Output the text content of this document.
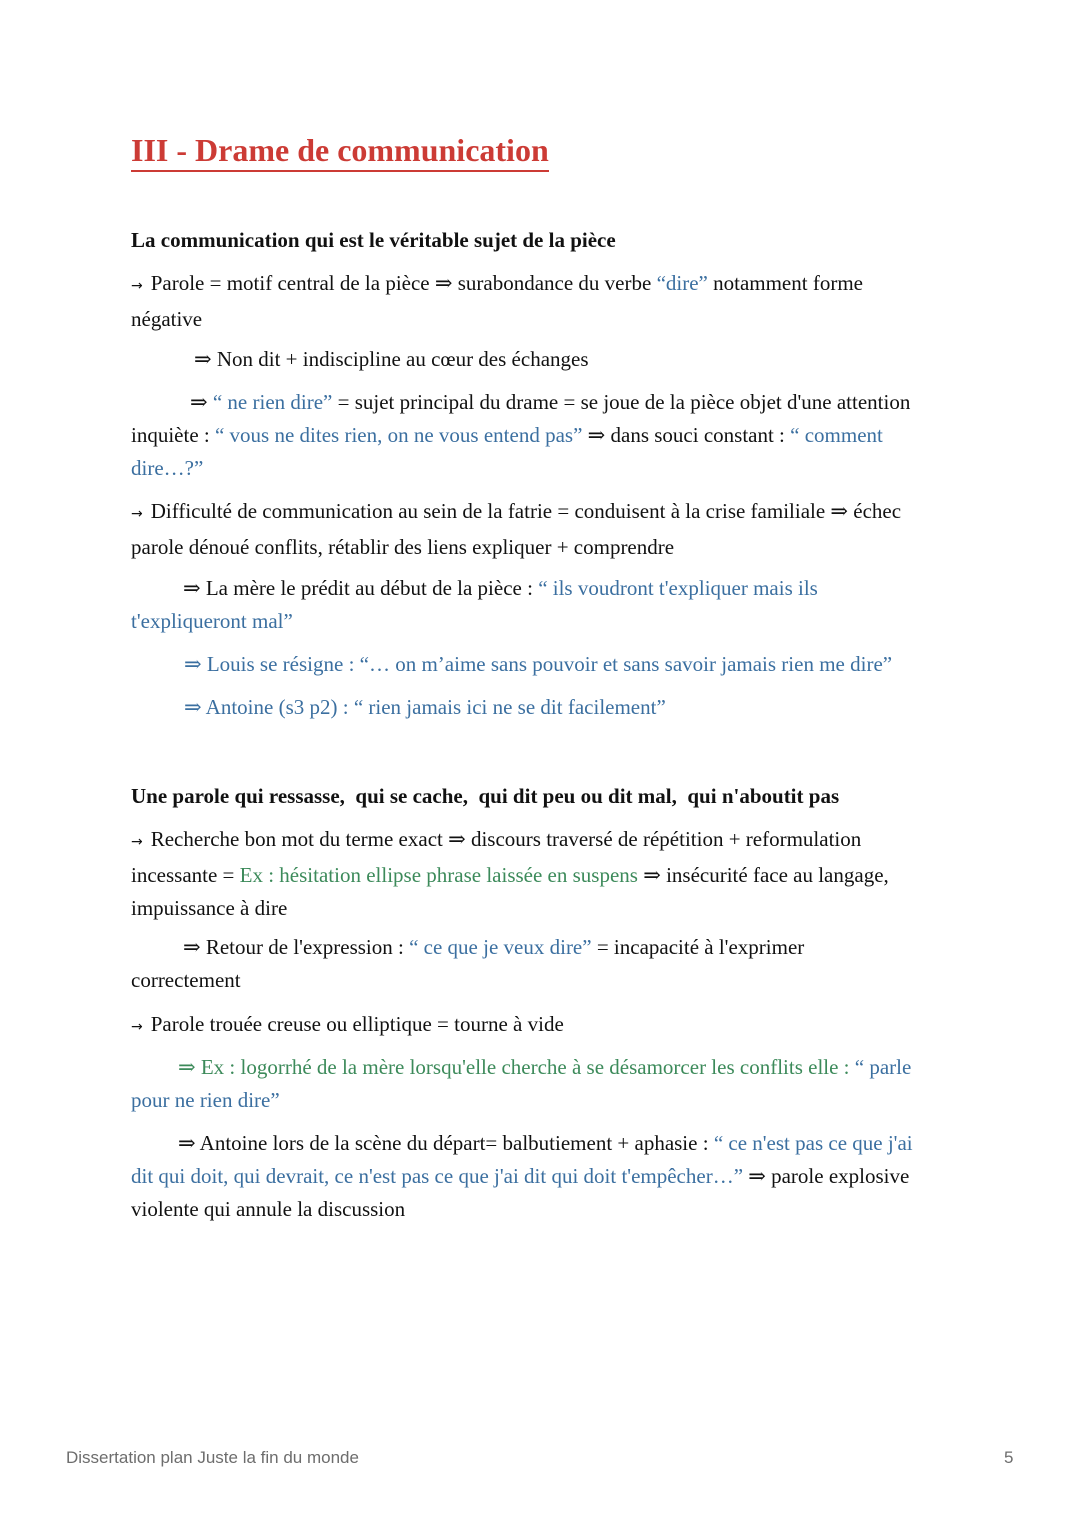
III - Drame de communication
La communication qui est le véritable sujet de la pièce
→ Parole = motif central de la pièce ⇒ surabondance du verbe “dire” notamment forme
négative
⇒ Non dit + indiscipline au cœur des échanges
⇒ “ ne rien dire” = sujet principal du drame = se joue de la pièce objet d'une attention
inquiète : “ vous ne dites rien, on ne vous entend pas” ⇒ dans souci constant : “ comment
dire…?”
→ Difficulté de communication au sein de la fatrie = conduisent à la crise familiale ⇒ échec
parole dénoué conflits, rétablir des liens expliquer + comprendre
⇒ La mère le prédit au début de la pièce : “ ils voudront t'expliquer mais ils
t'expliqueront mal”
⇒ Louis se résigne : “… on m’aime sans pouvoir et sans savoir jamais rien me dire”
⇒ Antoine (s3 p2) : “ rien jamais ici ne se dit facilement”
Une parole qui ressasse,  qui se cache,  qui dit peu ou dit mal,  qui n'aboutit pas
→ Recherche bon mot du terme exact ⇒ discours traversé de répétition + reformulation
incessante = Ex : hésitation ellipse phrase laissée en suspens ⇒ insécurité face au langage,
impuissance à dire
⇒ Retour de l'expression : “ ce que je veux dire” = incapacité à l'exprimer
correctement
→ Parole trouée creuse ou elliptique = tourne à vide
⇒ Ex : logorrhé de la mère lorsqu'elle cherche à se désamorcer les conflits elle : “ parle
pour ne rien dire”
⇒ Antoine lors de la scène du départ= balbutiement + aphasie : “ ce n'est pas ce que j'ai
dit qui doit, qui devrait, ce n'est pas ce que j'ai dit qui doit t'empêcher…” ⇒ parole explosive
violente qui annule la discussion
Dissertation plan Juste la fin du monde	5
